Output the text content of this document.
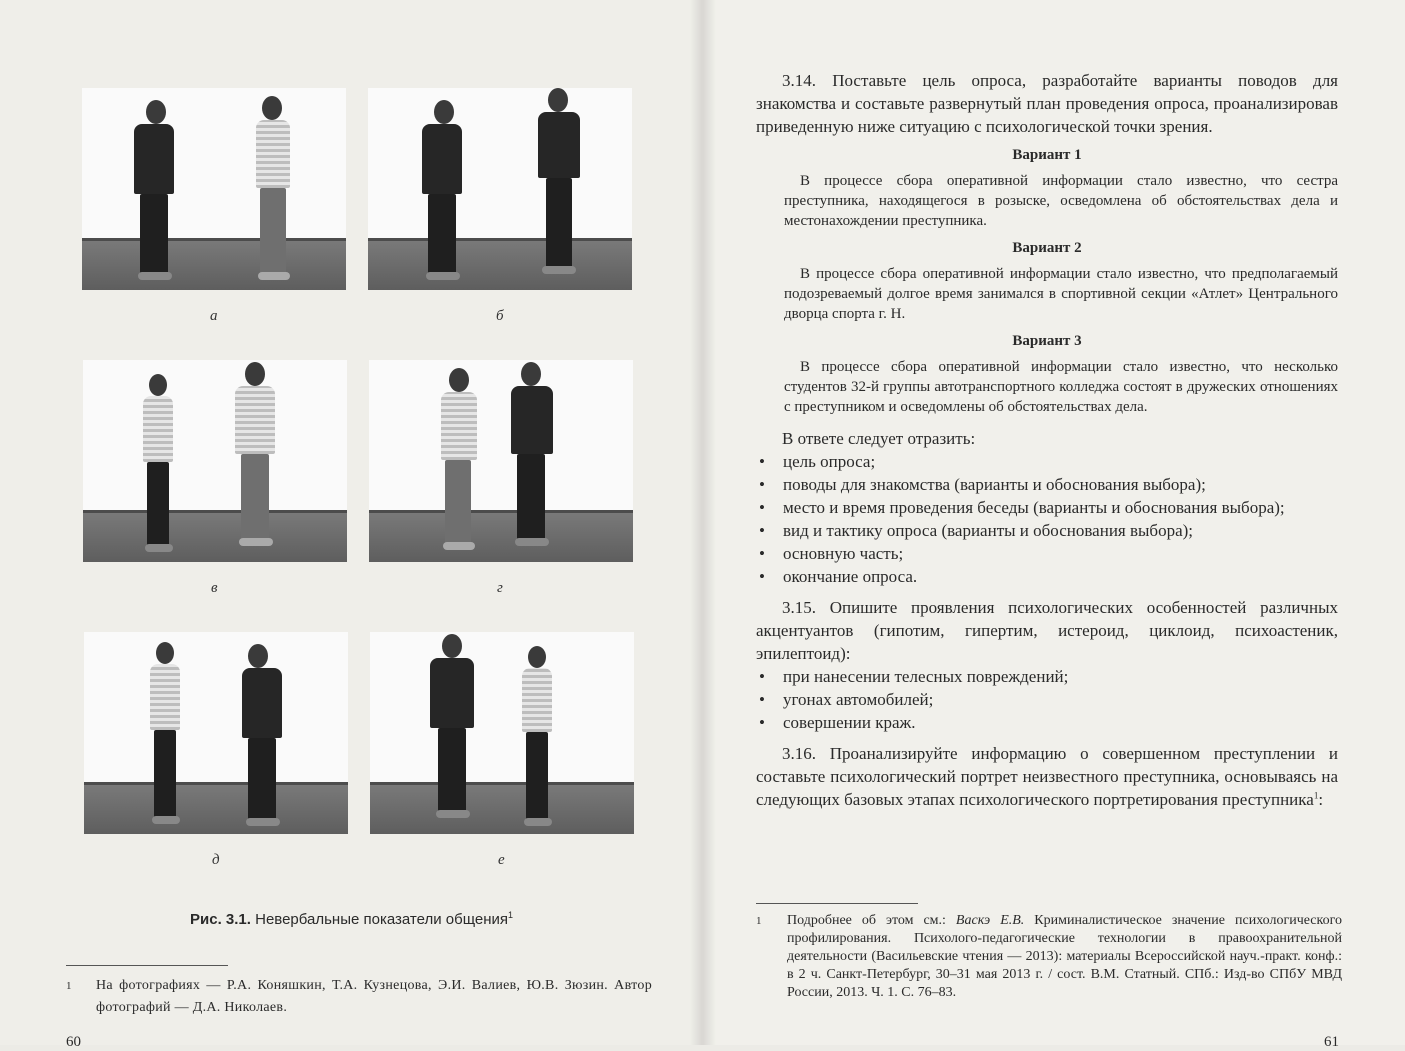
а	б
в	г
д	е
Рис. 3.1. Невербальные показатели общения$^1$
1 На фотографиях — Р.А. Коняшкин, Т.А. Кузнецова, Э.И. Валиев, Ю.В. Зюзин. Автор фотографий — Д.А. Николаев.
60

3.14. Поставьте цель опроса, разработайте варианты поводов для знакомства и составьте развернутый план проведения опроса, проанализировав приведенную ниже ситуацию с психологической точки зрения.

Вариант 1

В процессе сбора оперативной информации стало известно, что сестра преступника, находящегося в розыске, осведомлена об обстоятельствах дела и местонахождении преступника.

Вариант 2

В процессе сбора оперативной информации стало известно, что предполагаемый подозреваемый долгое время занимался в спортивной секции «Атлет» Центрального дворца спорта г. Н.

Вариант 3

В процессе сбора оперативной информации стало известно, что несколько студентов 32-й группы автотранспортного колледжа состоят в дружеских отношениях с преступником и осведомлены об обстоятельствах дела.

В ответе следует отразить:

• цель опроса;
• поводы для знакомства (варианты и обоснования выбора);
• место и время проведения беседы (варианты и обоснования выбора);
• вид и тактику опроса (варианты и обоснования выбора);
• основную часть;
• окончание опроса.

3.15. Опишите проявления психологических особенностей различных акцентуантов (гипотим, гипертим, истероид, циклоид, психоастеник, эпилептоид):

• при нанесении телесных повреждений;
• угонах автомобилей;
• совершении краж.

3.16. Проанализируйте информацию о совершенном преступлении и составьте психологический портрет неизвестного преступника, основываясь на следующих базовых этапах психологического портретирования преступника$^1$:

1 Подробнее об этом см.: Васкэ Е.В. Криминалистическое значение психологического профилирования. Психолого-педагогические технологии в правоохранительной деятельности (Васильевские чтения — 2013): материалы Всероссийской науч.-практ. конф.: в 2 ч. Санкт-Петербург, 30–31 мая 2013 г. / сост. В.М. Статный. СПб.: Изд-во СПбУ МВД России, 2013. Ч. 1. С. 76–83.
61
